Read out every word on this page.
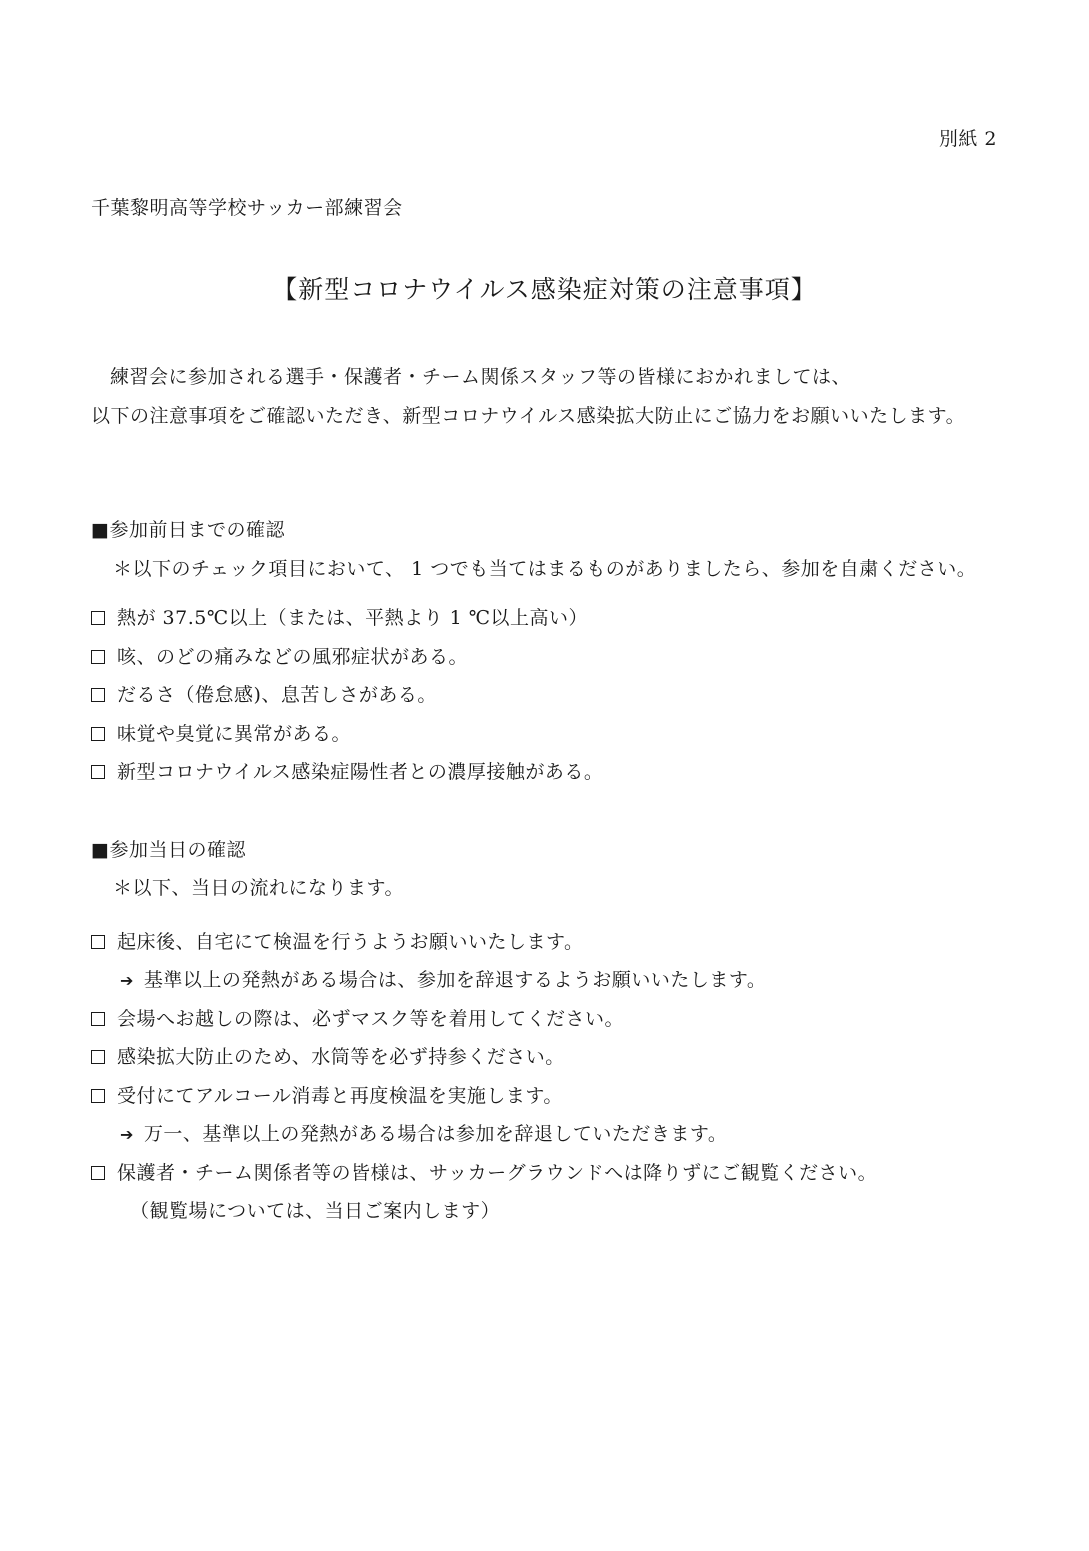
別紙 2
千葉黎明高等学校サッカー部練習会
【新型コロナウイルス感染症対策の注意事項】
練習会に参加される選手・保護者・チーム関係スタッフ等の皆様におかれましては、
以下の注意事項をご確認いただき、新型コロナウイルス感染拡大防止にご協力をお願いいたします。
■参加前日までの確認
＊以下のチェック項目において、 1 つでも当てはまるものがありましたら、参加を自粛ください。
熱が 37.5℃以上（または、平熱より 1 ℃以上高い）
咳、のどの痛みなどの風邪症状がある。
だるさ（倦怠感)、息苦しさがある。
味覚や臭覚に異常がある。
新型コロナウイルス感染症陽性者との濃厚接触がある。
■参加当日の確認
＊以下、当日の流れになります。
起床後、自宅にて検温を行うようお願いいたします。
➔ 基準以上の発熱がある場合は、参加を辞退するようお願いいたします。
会場へお越しの際は、必ずマスク等を着用してください。
感染拡大防止のため、水筒等を必ず持参ください。
受付にてアルコール消毒と再度検温を実施します。
➔ 万一、基準以上の発熱がある場合は参加を辞退していただきます。
保護者・チーム関係者等の皆様は、サッカーグラウンドへは降りずにご観覧ください。
（観覧場については、当日ご案内します）
